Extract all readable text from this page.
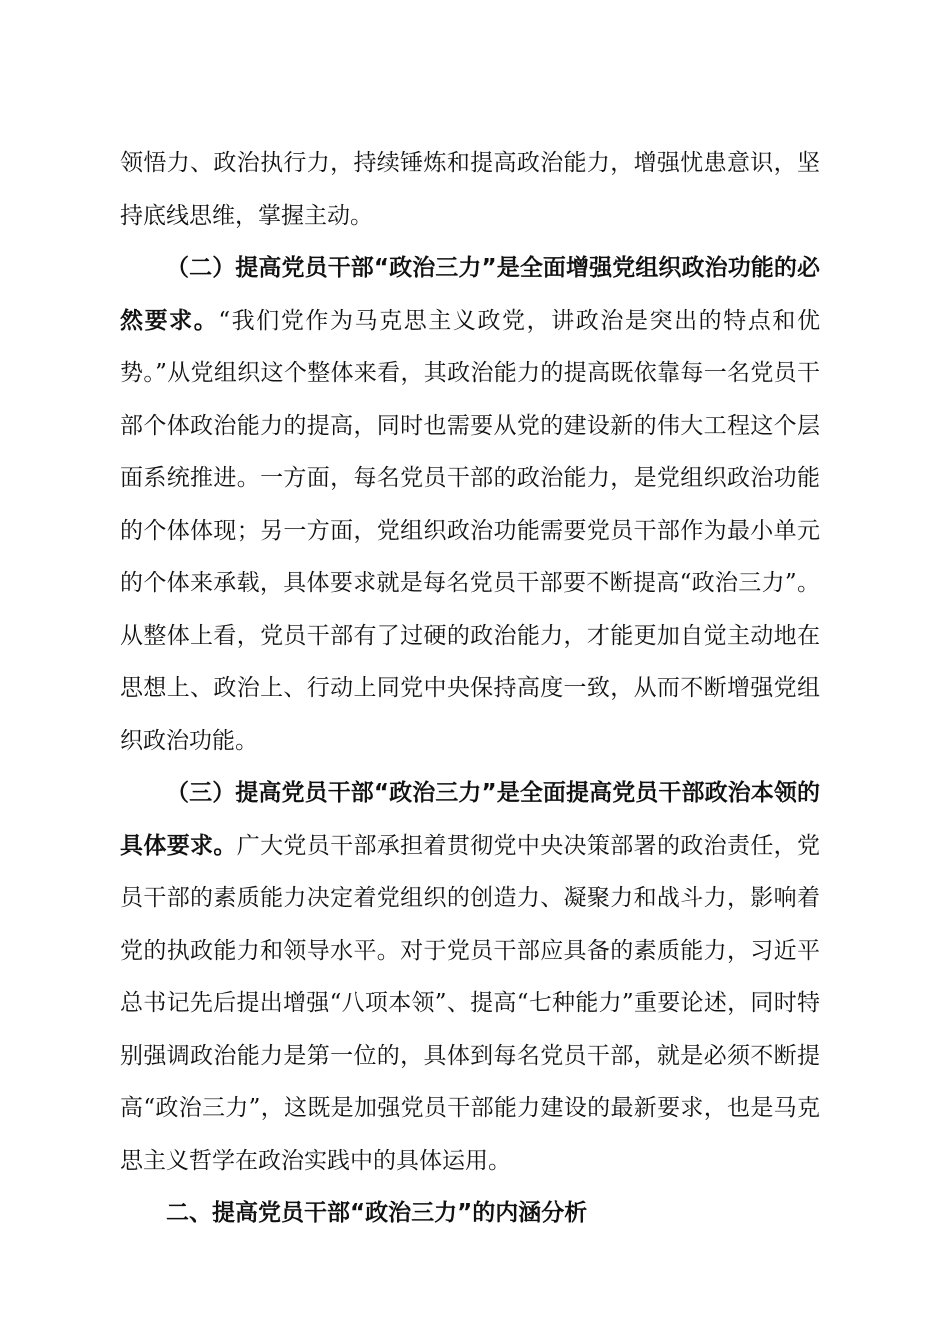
领悟力、政治执行力，持续锤炼和提高政治能力，增强忧患意识，坚持底线思维，掌握主动。

（二）提高党员干部“政治三力”是全面增强党组织政治功能的必然要求。“我们党作为马克思主义政党，讲政治是突出的特点和优势。”从党组织这个整体来看，其政治能力的提高既依靠每一名党员干部个体政治能力的提高，同时也需要从党的建设新的伟大工程这个层面系统推进。一方面，每名党员干部的政治能力，是党组织政治功能的个体体现；另一方面，党组织政治功能需要党员干部作为最小单元的个体来承载，具体要求就是每名党员干部要不断提高“政治三力”。从整体上看，党员干部有了过硬的政治能力，才能更加自觉主动地在思想上、政治上、行动上同党中央保持高度一致，从而不断增强党组织政治功能。

（三）提高党员干部“政治三力”是全面提高党员干部政治本领的具体要求。广大党员干部承担着贯彻党中央决策部署的政治责任，党员干部的素质能力决定着党组织的创造力、凝聚力和战斗力，影响着党的执政能力和领导水平。对于党员干部应具备的素质能力，习近平总书记先后提出增强“八项本领”、提高“七种能力”重要论述，同时特别强调政治能力是第一位的，具体到每名党员干部，就是必须不断提高“政治三力”，这既是加强党员干部能力建设的最新要求，也是马克思主义哲学在政治实践中的具体运用。

二、提高党员干部“政治三力”的内涵分析
